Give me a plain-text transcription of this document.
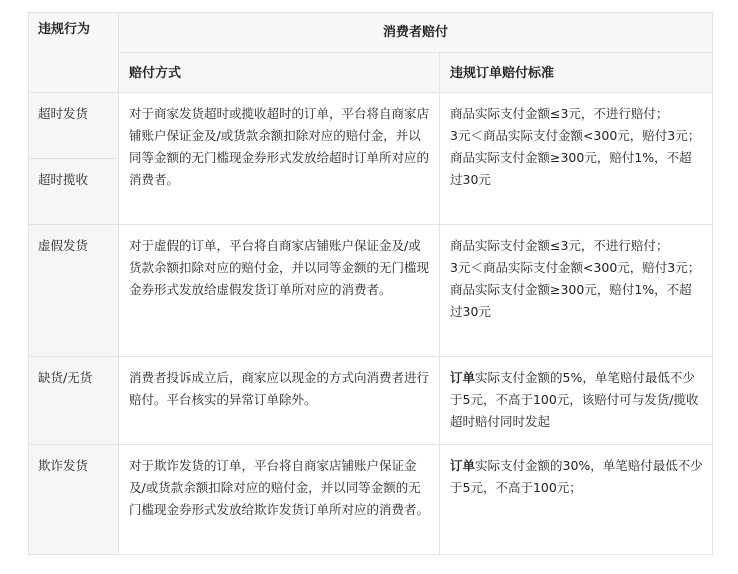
违规行为	消费者赔付	
	赔付方式	违规订单赔付标准
超时发货	对于商家发货超时或揽收超时的订单，平台将自商家店铺账户保证金及/或货款余额扣除对应的赔付金，并以同等金额的无门槛现金券形式发放给超时订单所对应的消费者。	商品实际支付金额≤3元，不进行赔付；
3元＜商品实际支付金额<300元，赔付3元；
商品实际支付金额≥300元，赔付1%，不超过30元

超时揽收		
虚假发货	对于虚假的订单，平台将自商家店铺账户保证金及/或货款余额扣除对应的赔付金，并以同等金额的无门槛现金券形式发放给虚假发货订单所对应的消费者。	商品实际支付金额≤3元，不进行赔付；
3元＜商品实际支付金额<300元，赔付3元；
商品实际支付金额≥300元，赔付1%，不超过30元

缺货/无货	消费者投诉成立后，商家应以现金的方式向消费者进行赔付。平台核实的异常订单除外。	订单实际支付金额的5%，单笔赔付最低不少于5元，不高于100元，该赔付可与发货/揽收超时赔付同时发起
欺诈发货	对于欺诈发货的订单，平台将自商家店铺账户保证金及/或货款余额扣除对应的赔付金，并以同等金额的无门槛现金券形式发放给欺诈发货订单所对应的消费者。	订单实际支付金额的30%，单笔赔付最低不少于5元，不高于100元；
